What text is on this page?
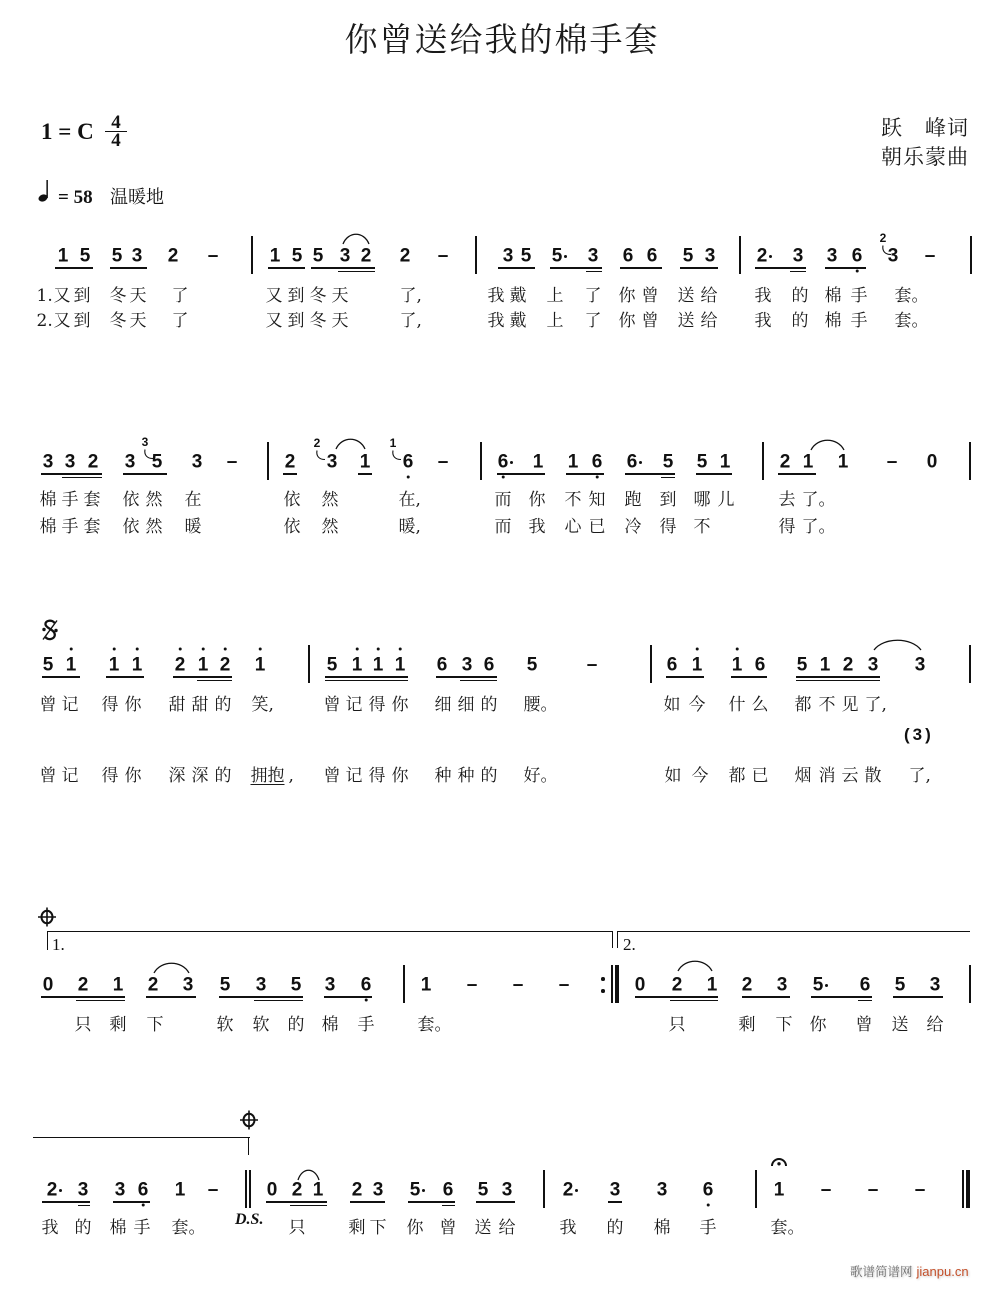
你曾送给我的棉手套
1 = C $\frac{4}{4}$	跃　峰词
朝乐蒙曲
= 58 温暖地
(3)
1.	2.
D.S.
歌谱简谱网 jianpu.cn
1 5 5 3 2 –	1 5 5 3 2 2 –	3 5 5 3 6 6 5 3 2 3 3 6 3 –
2
1. 又 到 冬 天 了	又 到 冬 天	了,	我 戴 上 了 你 曾 送 给 我 的 棉 手 套。
2. 又 到 冬 天 了	又 到 冬 天	了,	我 戴 上 了 你 曾 送 给 我 的 棉 手 套。
3 3 2 3 5 3 – 2 3 1 6 –	6 1 1 6 6 5 5 1	2 1 1 – 0
3	2	1
棉 手 套 依 然 在	依 然	在,	而 你 不 知 跑 到 哪 儿	去 了。
棉 手 套 依 然 暖	依 然	暖,	而 我 心 已 冷 得 不	得 了。
5 1 1 1 2 1 2 1	5 1 1 1 6 3 6 5	–	6 1 1 6 5 1 2 3 3
曾 记 得 你 甜 甜 的 笑,	曾 记 得 你 细 细 的 腰。	如 今 什 么 都 不 见 了,
曾 记 得 你 深 深 的 拥抱 , 曾 记 得 你 种 种 的 好。	如 今 都 已 烟 消 云 散 了,
0 2 1 2 3 5 3 5 3 6	1 – – –	0 2 1 2 3 5 6 5 3
只 剩 下	软 软 的 棉 手	套。	只	剩 下 你 曾 送 给
2 3 3 6 1 –	0 2 1 2 3 5 6 5 3	2 3 3 6	1 – – –
我 的 棉 手 套。	只	剩 下 你 曾 送 给	我 的 棉 手	套。
